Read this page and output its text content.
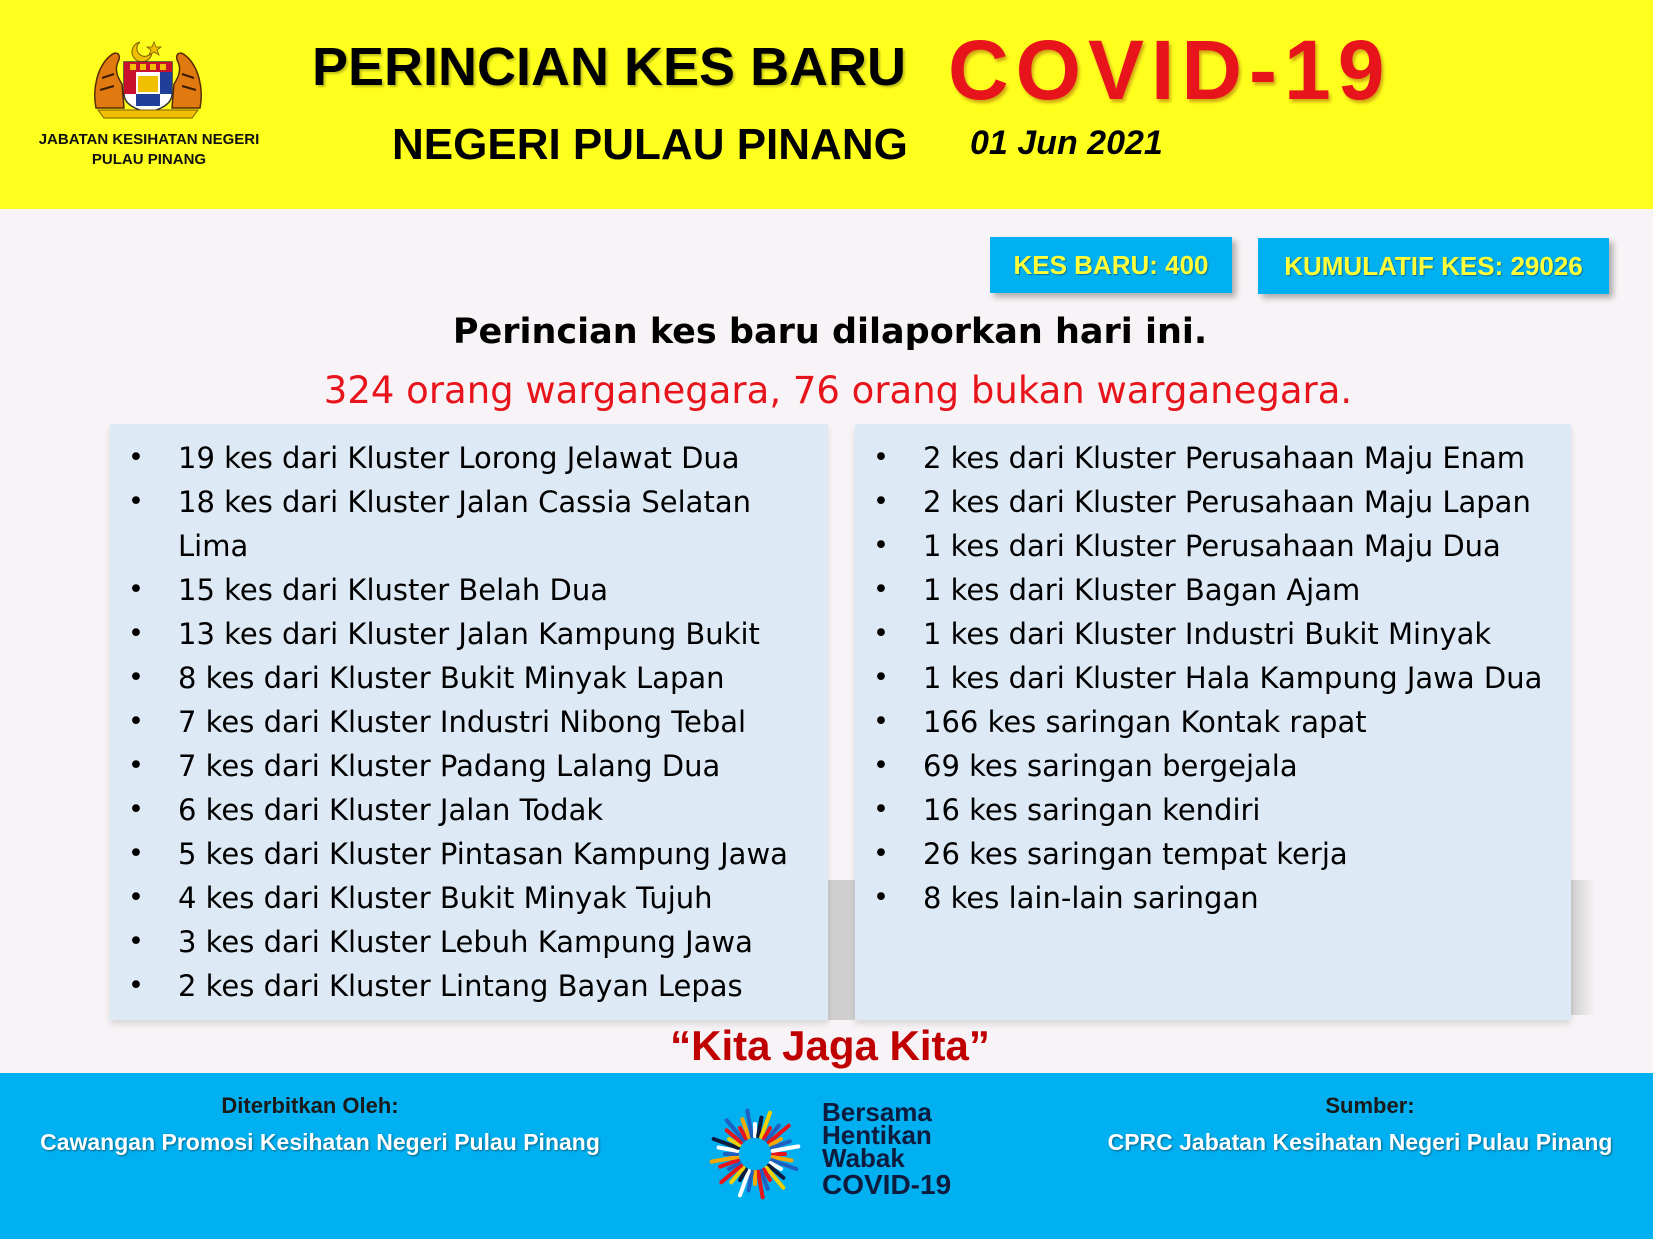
JABATAN KESIHATAN NEGERI
PULAU PINANG
PERINCIAN KES BARU COVID-19
NEGERI PULAU PINANG 01 Jun 2021
KES BARU: 400	KUMULATIF KES: 29026
Perincian kes baru dilaporkan hari ini.
324 orang warganegara, 76 orang bukan warganegara.
• 19 kes dari Kluster Lorong Jelawat Dua
• 18 kes dari Kluster Jalan Cassia Selatan Lima
• 15 kes dari Kluster Belah Dua
• 13 kes dari Kluster Jalan Kampung Bukit
• 8 kes dari Kluster Bukit Minyak Lapan
• 7 kes dari Kluster Industri Nibong Tebal
• 7 kes dari Kluster Padang Lalang Dua
• 6 kes dari Kluster Jalan Todak
• 5 kes dari Kluster Pintasan Kampung Jawa
• 4 kes dari Kluster Bukit Minyak Tujuh
• 3 kes dari Kluster Lebuh Kampung Jawa
• 2 kes dari Kluster Lintang Bayan Lepas
• 2 kes dari Kluster Perusahaan Maju Enam
• 2 kes dari Kluster Perusahaan Maju Lapan
• 1 kes dari Kluster Perusahaan Maju Dua
• 1 kes dari Kluster Bagan Ajam
• 1 kes dari Kluster Industri Bukit Minyak
• 1 kes dari Kluster Hala Kampung Jawa Dua
• 166 kes saringan Kontak rapat
• 69 kes saringan bergejala
• 16 kes saringan kendiri
• 26 kes saringan tempat kerja
• 8 kes lain-lain saringan
“Kita Jaga Kita”
Diterbitkan Oleh:
Cawangan Promosi Kesihatan Negeri Pulau Pinang
Bersama
Hentikan
Wabak
COVID-19
Sumber:
CPRC Jabatan Kesihatan Negeri Pulau Pinang
